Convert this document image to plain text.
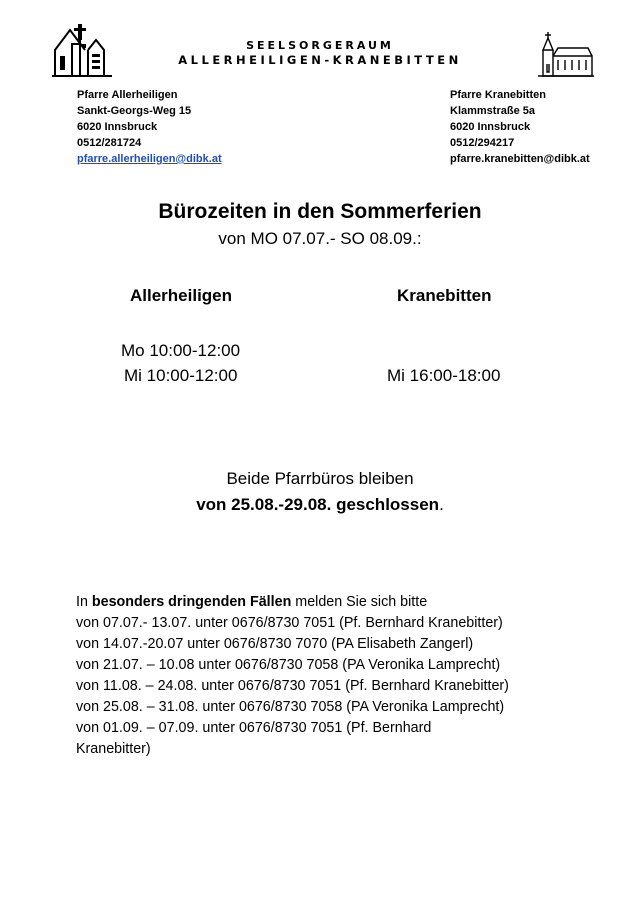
SEELSORGERAUM
ALLERHEILIGEN-KRANEBITTEN
Pfarre Allerheiligen
Sankt-Georgs-Weg 15
6020 Innsbruck
0512/281724
pfarre.allerheiligen@dibk.at
Pfarre Kranebitten
Klammstraße 5a
6020 Innsbruck
0512/294217
pfarre.kranebitten@dibk.at
Bürozeiten in den Sommerferien
von MO 07.07.- SO 08.09.:
Allerheiligen	Kranebitten
Mo 10:00-12:00
Mi 10:00-12:00	Mi 16:00-18:00
Beide Pfarrbüros bleiben
von 25.08.-29.08. geschlossen.
In besonders dringenden Fällen melden Sie sich bitte
von 07.07.- 13.07. unter 0676/8730 7051 (Pf. Bernhard Kranebitter)
von 14.07.-20.07 unter 0676/8730 7070 (PA Elisabeth Zangerl)
von 21.07. – 10.08 unter 0676/8730 7058 (PA Veronika Lamprecht)
von 11.08. – 24.08. unter 0676/8730 7051 (Pf. Bernhard Kranebitter)
von 25.08. – 31.08. unter 0676/8730 7058 (PA Veronika Lamprecht)
von 01.09. – 07.09. unter 0676/8730 7051 (Pf. Bernhard
Kranebitter)
